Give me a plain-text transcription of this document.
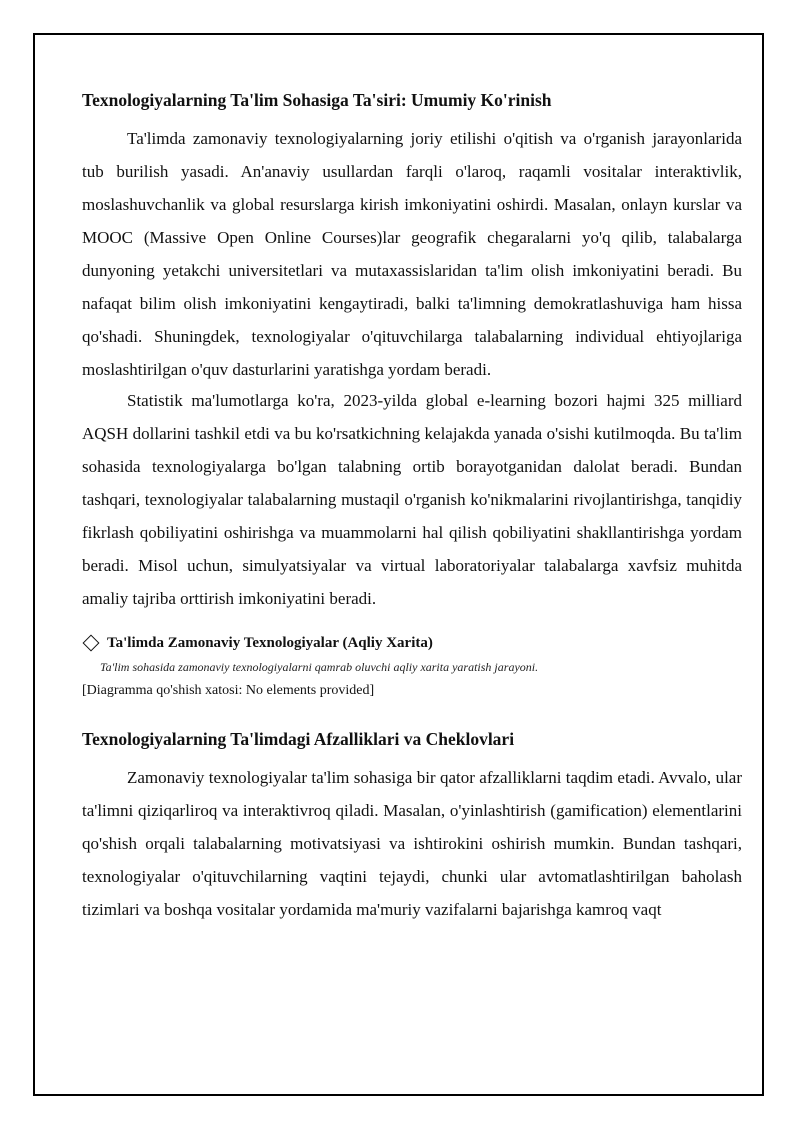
Texnologiyalarning Ta'lim Sohasiga Ta'siri: Umumiy Ko'rinish

Ta'limda zamonaviy texnologiyalarning joriy etilishi o'qitish va o'rganish jarayonlarida tub burilish yasadi. An'anaviy usullardan farqli o'laroq, raqamli vositalar interaktivlik, moslashuvchanlik va global resurslarga kirish imkoniyatini oshirdi. Masalan, onlayn kurslar va MOOC (Massive Open Online Courses)lar geografik chegaralarni yo'q qilib, talabalarga dunyoning yetakchi universitetlari va mutaxassislaridan ta'lim olish imkoniyatini beradi. Bu nafaqat bilim olish imkoniyatini kengaytiradi, balki ta'limning demokratlashuviga ham hissa qo'shadi. Shuningdek, texnologiyalar o'qituvchilarga talabalarning individual ehtiyojlariga moslashtirilgan o'quv dasturlarini yaratishga yordam beradi.

Statistik ma'lumotlarga ko'ra, 2023-yilda global e-learning bozori hajmi 325 milliard AQSH dollarini tashkil etdi va bu ko'rsatkichning kelajakda yanada o'sishi kutilmoqda. Bu ta'lim sohasida texnologiyalarga bo'lgan talabning ortib borayotganidan dalolat beradi. Bundan tashqari, texnologiyalar talabalarning mustaqil o'rganish ko'nikmalarini rivojlantirishga, tanqidiy fikrlash qobiliyatini oshirishga va muammolarni hal qilish qobiliyatini shakllantirishga yordam beradi. Misol uchun, simulyatsiyalar va virtual laboratoriyalar talabalarga xavfsiz muhitda amaliy tajriba orttirish imkoniyatini beradi.

Ta'limda Zamonaviy Texnologiyalar (Aqliy Xarita)
Ta'lim sohasida zamonaviy texnologiyalarni qamrab oluvchi aqliy xarita yaratish jarayoni.
[Diagramma qo'shish xatosi: No elements provided]
Texnologiyalarning Ta'limdagi Afzalliklari va Cheklovlari

Zamonaviy texnologiyalar ta'lim sohasiga bir qator afzalliklarni taqdim etadi. Avvalo, ular ta'limni qiziqarliroq va interaktivroq qiladi. Masalan, o'yinlashtirish (gamification) elementlarini qo'shish orqali talabalarning motivatsiyasi va ishtirokini oshirish mumkin. Bundan tashqari, texnologiyalar o'qituvchilarning vaqtini tejaydi, chunki ular avtomatlashtirilgan baholash tizimlari va boshqa vositalar yordamida ma'muriy vazifalarni bajarishga kamroq vaqt
